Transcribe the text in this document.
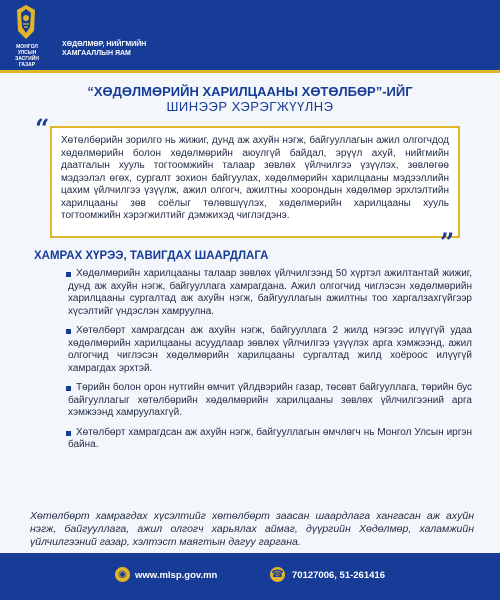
МОНГОЛ УЛСЫН ЗАСГИЙН ГАЗАР
ХӨДӨЛМӨР, НИЙГМИЙН
ХАМГААЛЛЫН ЯАМ
“ХӨДӨЛМӨРИЙН ХАРИЛЦААНЫ ХӨТӨЛБӨР”-ИЙГ
ШИНЭЭР ХЭРЭГЖҮҮЛНЭ
“	Хөтөлбөрийн зорилго нь жижиг, дунд аж ахуйн нэгж, байгууллагын ажил олгогчдод хөдөлмөрийн болон хөдөлмөрийн аюулгүй байдал, эрүүл ахуй, нийгмийн даатгалын хууль тогтоомжийн талаар зөвлөх үйлчилгээ үзүүлэх, зөвлөгөө мэдээлэл өгөх, сургалт зохион байгуулах, хөдөлмөрийн харилцааны мэдээллийн цахим үйлчилгээ үзүүлж, ажил олгогч, ажилтны хоорондын хөдөлмөр эрхлэлтийн харилцааны зөв соёлыг төлөвшүүлэх, хөдөлмөрийн харилцааны хууль тогтоомжийн хэрэгжилтийг дэмжихэд чиглэгдэнэ.
”
ХАМРАХ ХҮРЭЭ, ТАВИГДАХ ШААРДЛАГА
Хөдөлмөрийн харилцааны талаар зөвлөх үйлчилгээнд 50 хүртэл ажилтантай жижиг, дунд аж ахуйн нэгж, байгууллага хамрагдана. Ажил олгогчид чиглэсэн хөдөлмөрийн харилцааны сургалтад аж ахуйн нэгж, байгууллагын ажилтны тоо харгалзахгүйгээр хүсэлтийг үндэслэн хамруулна.
Хөтөлбөрт хамрагдсан аж ахуйн нэгж, байгууллага 2 жилд нэгээс илүүгүй удаа хөдөлмөрийн харилцааны асуудлаар зөвлөх үйлчилгээ үзүүлэх арга хэмжээнд, ажил олгогчид чиглэсэн хөдөлмөрийн харилцааны сургалтад жилд хоёроос илүүгүй хамрагдах эрхтэй.
Төрийн болон орон нутгийн өмчит үйлдвэрийн газар, төсөвт байгууллага, төрийн бус байгууллагыг хөтөлбөрийн хөдөлмөрийн харилцааны зөвлөх үйлчилгээний арга хэмжээнд хамруулахгүй.
Хөтөлбөрт хамрагдсан аж ахуйн нэгж, байгууллагын өмчлөгч нь Монгол Улсын иргэн байна.
Хөтөлбөрт хамрагдах хүсэлтийг хөтөлбөрт заасан шаардлага хангасан аж ахуйн нэгж, байгууллага, ажил олгогч харьялах аймаг, дүүргийн Хөдөлмөр, халамжийн үйлчилгээний газар, хэлтэст маягтын дагуу гаргана.
◉ www.mlsp.gov.mn	☎ 70127006, 51-261416
